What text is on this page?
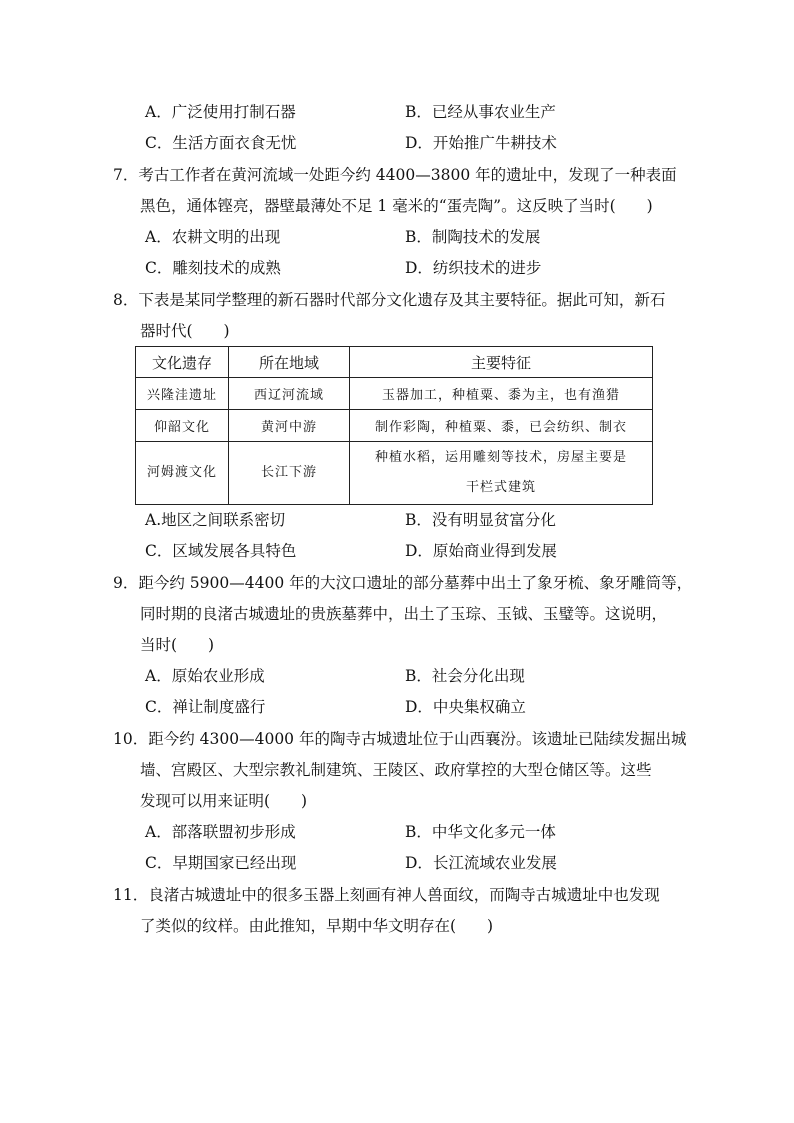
A．广泛使用打制石器	B．已经从事农业生产
C．生活方面衣食无忧	D．开始推广牛耕技术
7．考古工作者在黄河流域一处距今约 4400—3800 年的遗址中，发现了一种表面
黑色，通体铿亮，器壁最薄处不足 1 毫米的“蛋壳陶”。这反映了当时(　　)
A．农耕文明的出现	B．制陶技术的发展
C．雕刻技术的成熟	D．纺织技术的进步
8．下表是某同学整理的新石器时代部分文化遗存及其主要特征。据此可知，新石
器时代(　　)
文化遗存	所在地域	主要特征
兴隆洼遗址	西辽河流域	玉器加工，种植粟、黍为主，也有渔猎
仰韶文化	黄河中游	制作彩陶，种植粟、黍，已会纺织、制衣
河姆渡文化	长江下游	种植水稻，运用雕刻等技术，房屋主要是
干栏式建筑
A.地区之间联系密切	B．没有明显贫富分化
C．区域发展各具特色	D．原始商业得到发展
9．距今约 5900—4400 年的大汶口遗址的部分墓葬中出土了象牙梳、象牙雕筒等，
同时期的良渚古城遗址的贵族墓葬中，出土了玉琮、玉钺、玉璧等。这说明，
当时(　　)
A．原始农业形成	B．社会分化出现
C．禅让制度盛行	D．中央集权确立
10．距今约 4300—4000 年的陶寺古城遗址位于山西襄汾。该遗址已陆续发掘出城
墙、宫殿区、大型宗教礼制建筑、王陵区、政府掌控的大型仓储区等。这些
发现可以用来证明(　　)
A．部落联盟初步形成	B．中华文化多元一体
C．早期国家已经出现	D．长江流域农业发展
11．良渚古城遗址中的很多玉器上刻画有神人兽面纹，而陶寺古城遗址中也发现
了类似的纹样。由此推知，早期中华文明存在(　　)
